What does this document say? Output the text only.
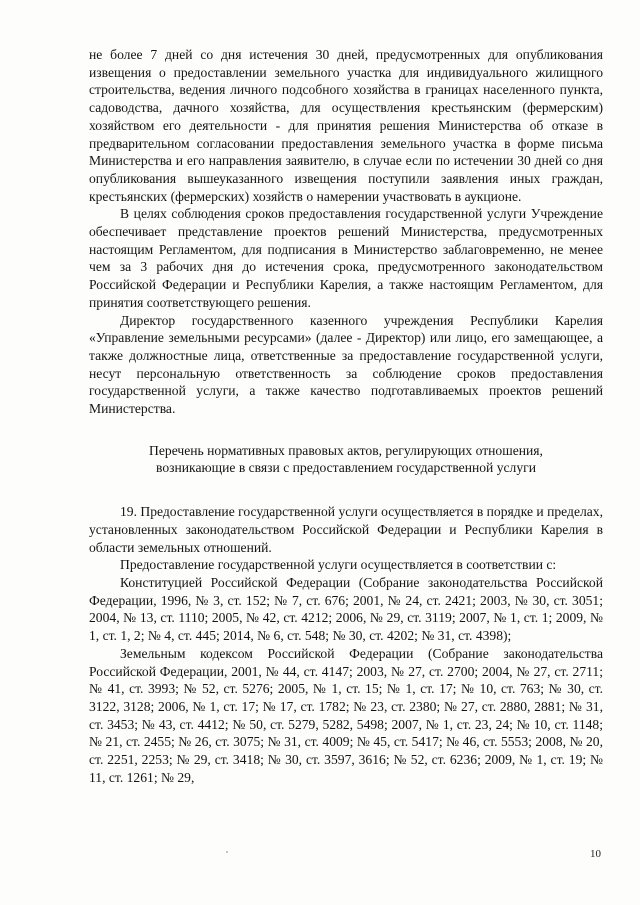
не более 7 дней со дня истечения 30 дней, предусмотренных для опубликования извещения о предоставлении земельного участка для индивидуального жилищного строительства, ведения личного подсобного хозяйства в границах населенного пункта, садоводства, дачного хозяйства, для осуществления крестьянским (фермерским) хозяйством его деятельности - для принятия решения Министерства об отказе в предварительном согласовании предоставления земельного участка в форме письма Министерства и его направления заявителю, в случае если по истечении 30 дней со дня опубликования вышеуказанного извещения поступили заявления иных граждан, крестьянских (фермерских) хозяйств о намерении участвовать в аукционе.

В целях соблюдения сроков предоставления государственной услуги Учреждение обеспечивает представление проектов решений Министерства, предусмотренных настоящим Регламентом, для подписания в Министерство заблаговременно, не менее чем за 3 рабочих дня до истечения срока, предусмотренного законодательством Российской Федерации и Республики Карелия, а также настоящим Регламентом, для принятия соответствующего решения.

Директор государственного казенного учреждения Республики Карелия «Управление земельными ресурсами» (далее - Директор) или лицо, его замещающее, а также должностные лица, ответственные за предоставление государственной услуги, несут персональную ответственность за соблюдение сроков предоставления государственной услуги, а также качество подготавливаемых проектов решений Министерства.

Перечень нормативных правовых актов, регулирующих отношения, возникающие в связи с предоставлением государственной услуги

19. Предоставление государственной услуги осуществляется в порядке и пределах, установленных законодательством Российской Федерации и Республики Карелия в области земельных отношений.

Предоставление государственной услуги осуществляется в соответствии с:

Конституцией Российской Федерации (Собрание законодательства Российской Федерации, 1996, № 3, ст. 152; № 7, ст. 676; 2001, № 24, ст. 2421; 2003, № 30, ст. 3051; 2004, № 13, ст. 1110; 2005, № 42, ст. 4212; 2006, № 29, ст. 3119; 2007, № 1, ст. 1; 2009, № 1, ст. 1, 2; № 4, ст. 445; 2014, № 6, ст. 548; № 30, ст. 4202; № 31, ст. 4398);

Земельным кодексом Российской Федерации (Собрание законодательства Российской Федерации, 2001, № 44, ст. 4147; 2003, № 27, ст. 2700; 2004, № 27, ст. 2711; № 41, ст. 3993; № 52, ст. 5276; 2005, № 1, ст. 15; № 1, ст. 17; № 10, ст. 763; № 30, ст. 3122, 3128; 2006, № 1, ст. 17; № 17, ст. 1782; № 23, ст. 2380; № 27, ст. 2880, 2881; № 31, ст. 3453; № 43, ст. 4412; № 50, ст. 5279, 5282, 5498; 2007, № 1, ст. 23, 24; № 10, ст. 1148; № 21, ст. 2455; № 26, ст. 3075; № 31, ст. 4009; № 45, ст. 5417; № 46, ст. 5553; 2008, № 20, ст. 2251, 2253; № 29, ст. 3418; № 30, ст. 3597, 3616; № 52, ст. 6236; 2009, № 1, ст. 19; № 11, ст. 1261; № 29,

10
